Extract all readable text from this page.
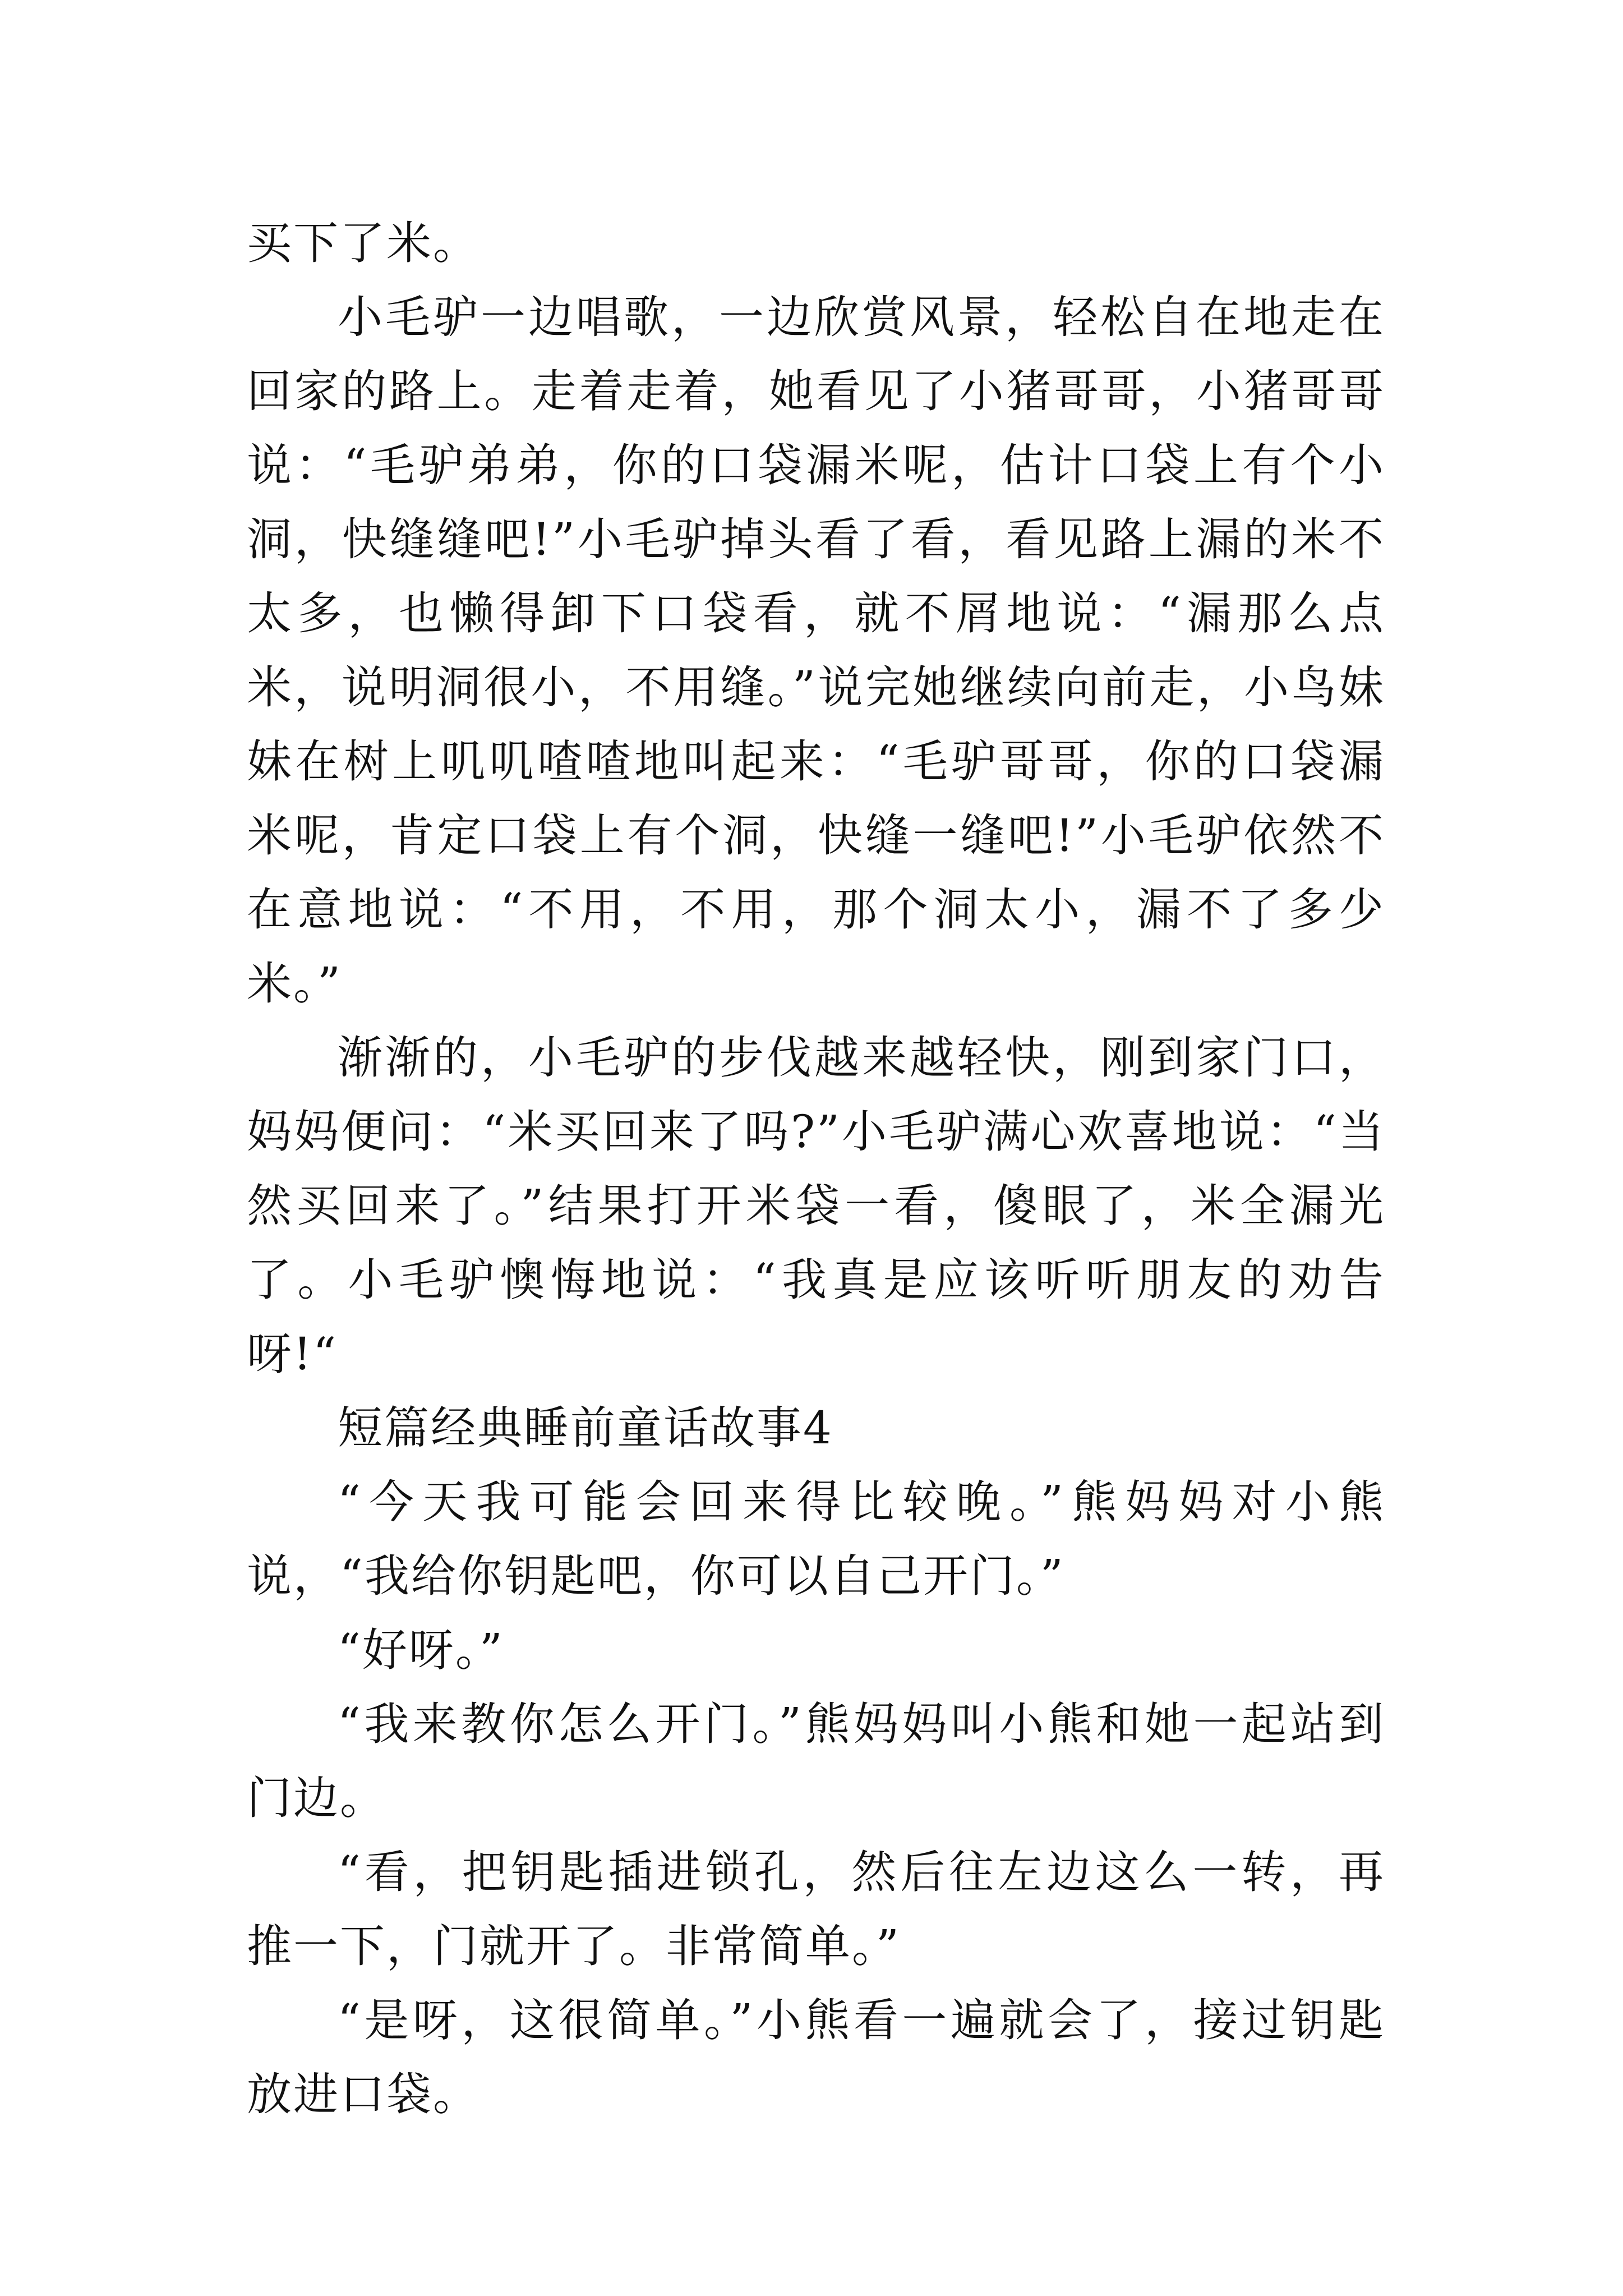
买下了米。

小毛驴一边唱歌，一边欣赏风景，轻松自在地走在回家的路上。走着走着，她看见了小猪哥哥，小猪哥哥说：“毛驴弟弟，你的口袋漏米呢，估计口袋上有个小洞，快缝缝吧!”小毛驴掉头看了看，看见路上漏的米不太多，也懒得卸下口袋看，就不屑地说：“漏那么点米，说明洞很小，不用缝。”说完她继续向前走，小鸟妹妹在树上叽叽喳喳地叫起来：“毛驴哥哥，你的口袋漏米呢，肯定口袋上有个洞，快缝一缝吧!”小毛驴依然不在意地说：“不用，不用，那个洞太小，漏不了多少米。”

渐渐的，小毛驴的步伐越来越轻快，刚到家门口，妈妈便问：“米买回来了吗?”小毛驴满心欢喜地说：“当然买回来了。”结果打开米袋一看，傻眼了，米全漏光了。小毛驴懊悔地说：“我真是应该听听朋友的劝告呀!“

短篇经典睡前童话故事4

“今天我可能会回来得比较晚。”熊妈妈对小熊说，“我给你钥匙吧，你可以自己开门。”

“好呀。”

“我来教你怎么开门。”熊妈妈叫小熊和她一起站到门边。

“看，把钥匙插进锁孔，然后往左边这么一转，再推一下，门就开了。非常简单。”

“是呀，这很简单。”小熊看一遍就会了，接过钥匙放进口袋。
